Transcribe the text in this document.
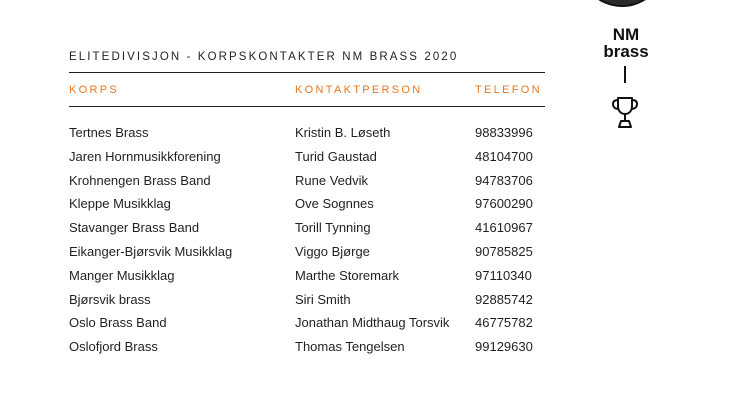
ELITEDIVISJON - KORPSKONTAKTER NM BRASS 2020
KORPS	KONTAKTPERSON	TELEFON
Tertnes Brass	Kristin B. Løseth	98833996
Jaren Hornmusikkforening	Turid Gaustad	48104700
Krohnengen Brass Band	Rune Vedvik	94783706
Kleppe Musikklag	Ove Sognnes	97600290
Stavanger Brass Band	Torill Tynning	41610967
Eikanger-Bjørsvik Musikklag	Viggo Bjørge	90785825
Manger Musikklag	Marthe Storemark	97110340
Bjørsvik brass	Siri Smith	92885742
Oslo Brass Band	Jonathan Midthaug Torsvik 46775782
Oslofjord Brass	Thomas Tengelsen	99129630
NM
brass
